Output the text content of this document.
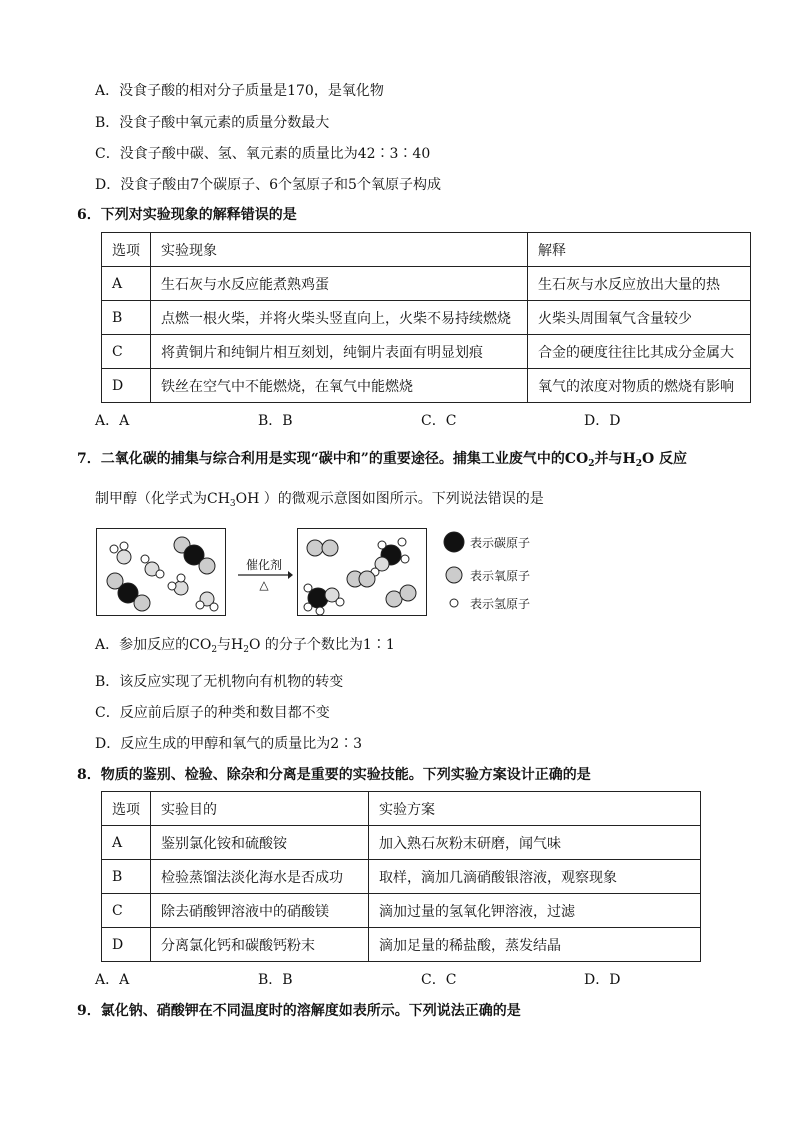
A．没食子酸的相对分子质量是170，是氧化物
B．没食子酸中氧元素的质量分数最大
C．没食子酸中碳、氢、氧元素的质量比为42∶3∶40
D．没食子酸由7个碳原子、6个氢原子和5个氧原子构成
6．下列对实验现象的解释错误的是
选项	实验现象	解释
A	生石灰与水反应能煮熟鸡蛋	生石灰与水反应放出大量的热
B	点燃一根火柴，并将火柴头竖直向上，火柴不易持续燃烧	火柴头周围氧气含量较少
C	将黄铜片和纯铜片相互刻划，纯铜片表面有明显划痕	合金的硬度往往比其成分金属大
D	铁丝在空气中不能燃烧，在氧气中能燃烧	氧气的浓度对物质的燃烧有影响
A．A	B．B	C．C	D．D
7．二氧化碳的捕集与综合利用是实现“碳中和”的重要途径。捕集工业废气中的$CO_2$并与$H_2O$ 反应
制甲醇（化学式为$CH_3OH$ ）的微观示意图如图所示。下列说法错误的是
催化剂
△
表示碳原子
表示氧原子
表示氢原子
A．参加反应的$CO_2$与$H_2O$ 的分子个数比为1∶1
B．该反应实现了无机物向有机物的转变
C．反应前后原子的种类和数目都不变
D．反应生成的甲醇和氧气的质量比为2∶3
8．物质的鉴别、检验、除杂和分离是重要的实验技能。下列实验方案设计正确的是
选项	实验目的	实验方案
A	鉴别氯化铵和硫酸铵	加入熟石灰粉末研磨，闻气味
B	检验蒸馏法淡化海水是否成功	取样，滴加几滴硝酸银溶液，观察现象
C	除去硝酸钾溶液中的硝酸镁	滴加过量的氢氧化钾溶液，过滤
D	分离氯化钙和碳酸钙粉末	滴加足量的稀盐酸，蒸发结晶
A．A	B．B	C．C	D．D
9．氯化钠、硝酸钾在不同温度时的溶解度如表所示。下列说法正确的是
